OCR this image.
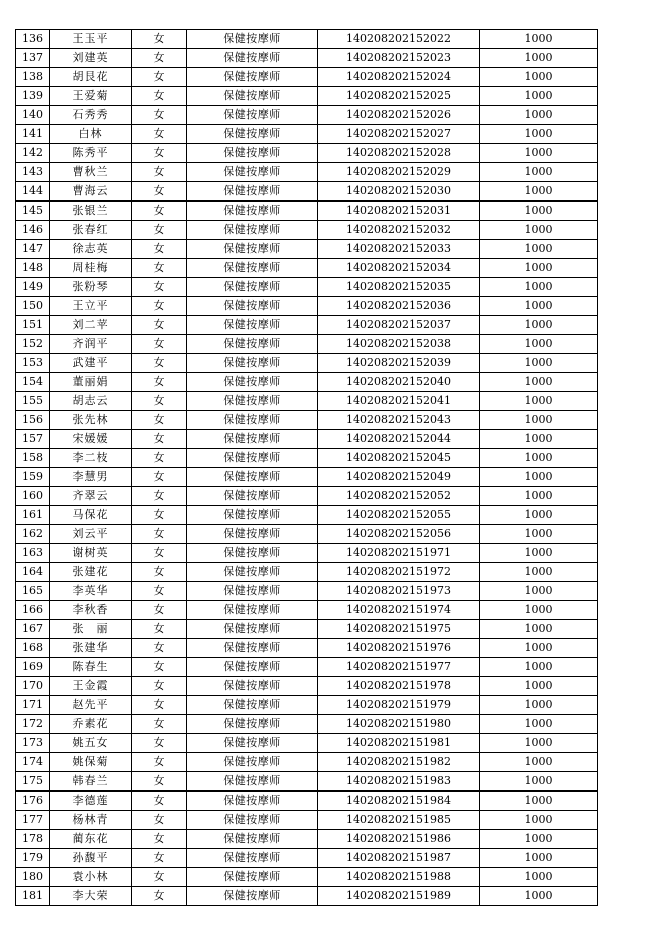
136	王玉平	女	保健按摩师	140208202152022	1000
137	刘建英	女	保健按摩师	140208202152023	1000
138	胡艮花	女	保健按摩师	140208202152024	1000
139	王爱菊	女	保健按摩师	140208202152025	1000
140	石秀秀	女	保健按摩师	140208202152026	1000
141	白林	女	保健按摩师	140208202152027	1000
142	陈秀平	女	保健按摩师	140208202152028	1000
143	曹秋兰	女	保健按摩师	140208202152029	1000
144	曹海云	女	保健按摩师	140208202152030	1000
145	张银兰	女	保健按摩师	140208202152031	1000
146	张春红	女	保健按摩师	140208202152032	1000
147	徐志英	女	保健按摩师	140208202152033	1000
148	周桂梅	女	保健按摩师	140208202152034	1000
149	张粉琴	女	保健按摩师	140208202152035	1000
150	王立平	女	保健按摩师	140208202152036	1000
151	刘二苹	女	保健按摩师	140208202152037	1000
152	齐润平	女	保健按摩师	140208202152038	1000
153	武建平	女	保健按摩师	140208202152039	1000
154	董丽娟	女	保健按摩师	140208202152040	1000
155	胡志云	女	保健按摩师	140208202152041	1000
156	张先林	女	保健按摩师	140208202152043	1000
157	宋媛媛	女	保健按摩师	140208202152044	1000
158	李二枝	女	保健按摩师	140208202152045	1000
159	李慧男	女	保健按摩师	140208202152049	1000
160	齐翠云	女	保健按摩师	140208202152052	1000
161	马保花	女	保健按摩师	140208202152055	1000
162	刘云平	女	保健按摩师	140208202152056	1000
163	谢树英	女	保健按摩师	140208202151971	1000
164	张建花	女	保健按摩师	140208202151972	1000
165	李英华	女	保健按摩师	140208202151973	1000
166	李秋香	女	保健按摩师	140208202151974	1000
167	张　丽	女	保健按摩师	140208202151975	1000
168	张建华	女	保健按摩师	140208202151976	1000
169	陈春生	女	保健按摩师	140208202151977	1000
170	王金霞	女	保健按摩师	140208202151978	1000
171	赵先平	女	保健按摩师	140208202151979	1000
172	乔素花	女	保健按摩师	140208202151980	1000
173	姚五女	女	保健按摩师	140208202151981	1000
174	姚保菊	女	保健按摩师	140208202151982	1000
175	韩春兰	女	保健按摩师	140208202151983	1000
176	李德莲	女	保健按摩师	140208202151984	1000
177	杨林青	女	保健按摩师	140208202151985	1000
178	蔺东花	女	保健按摩师	140208202151986	1000
179	孙馥平	女	保健按摩师	140208202151987	1000
180	袁小林	女	保健按摩师	140208202151988	1000
181	李大荣	女	保健按摩师	140208202151989	1000
